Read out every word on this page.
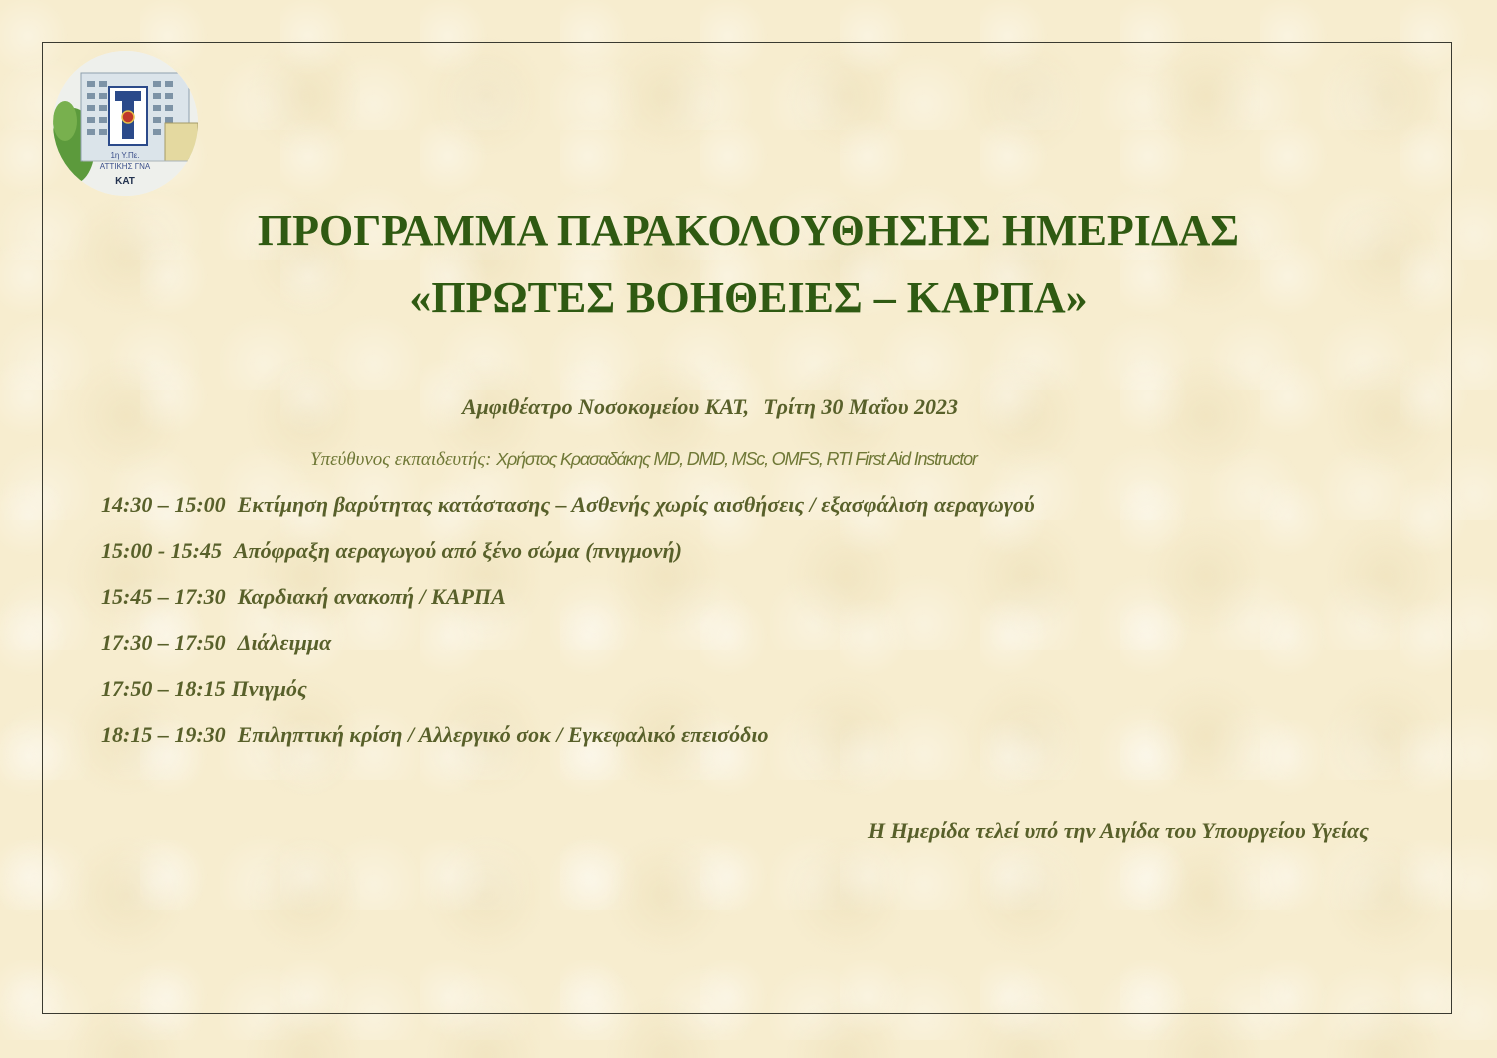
1η Υ.Πε.
ΑΤΤΙΚΗΣ ΓΝΑ
ΚΑΤ
ΠΡΟΓΡΑΜΜΑ ΠΑΡΑΚΟΛΟΥΘΗΣΗΣ ΗΜΕΡΙΔΑΣ
«ΠΡΩΤΕΣ ΒΟΗΘΕΙΕΣ – ΚΑΡΠΑ»
Αμφιθέατρο Νοσοκομείου ΚΑΤ, Τρίτη 30 Μαΐου 2023
Υπεύθυνος εκπαιδευτής: Χρήστος Κρασαδάκης MD, DMD, MSc, OMFS, RTI First Aid Instructor
14:30 – 15:00 Εκτίμηση βαρύτητας κατάστασης – Ασθενής χωρίς αισθήσεις / εξασφάλιση αεραγωγού
15:00 - 15:45 Απόφραξη αεραγωγού από ξένο σώμα (πνιγμονή)
15:45 – 17:30 Καρδιακή ανακοπή / ΚΑΡΠΑ
17:30 – 17:50 Διάλειμμα
17:50 – 18:15 Πνιγμός
18:15 – 19:30 Επιληπτική κρίση / Αλλεργικό σοκ / Εγκεφαλικό επεισόδιο
Η Ημερίδα τελεί υπό την Αιγίδα του Υπουργείου Υγείας
